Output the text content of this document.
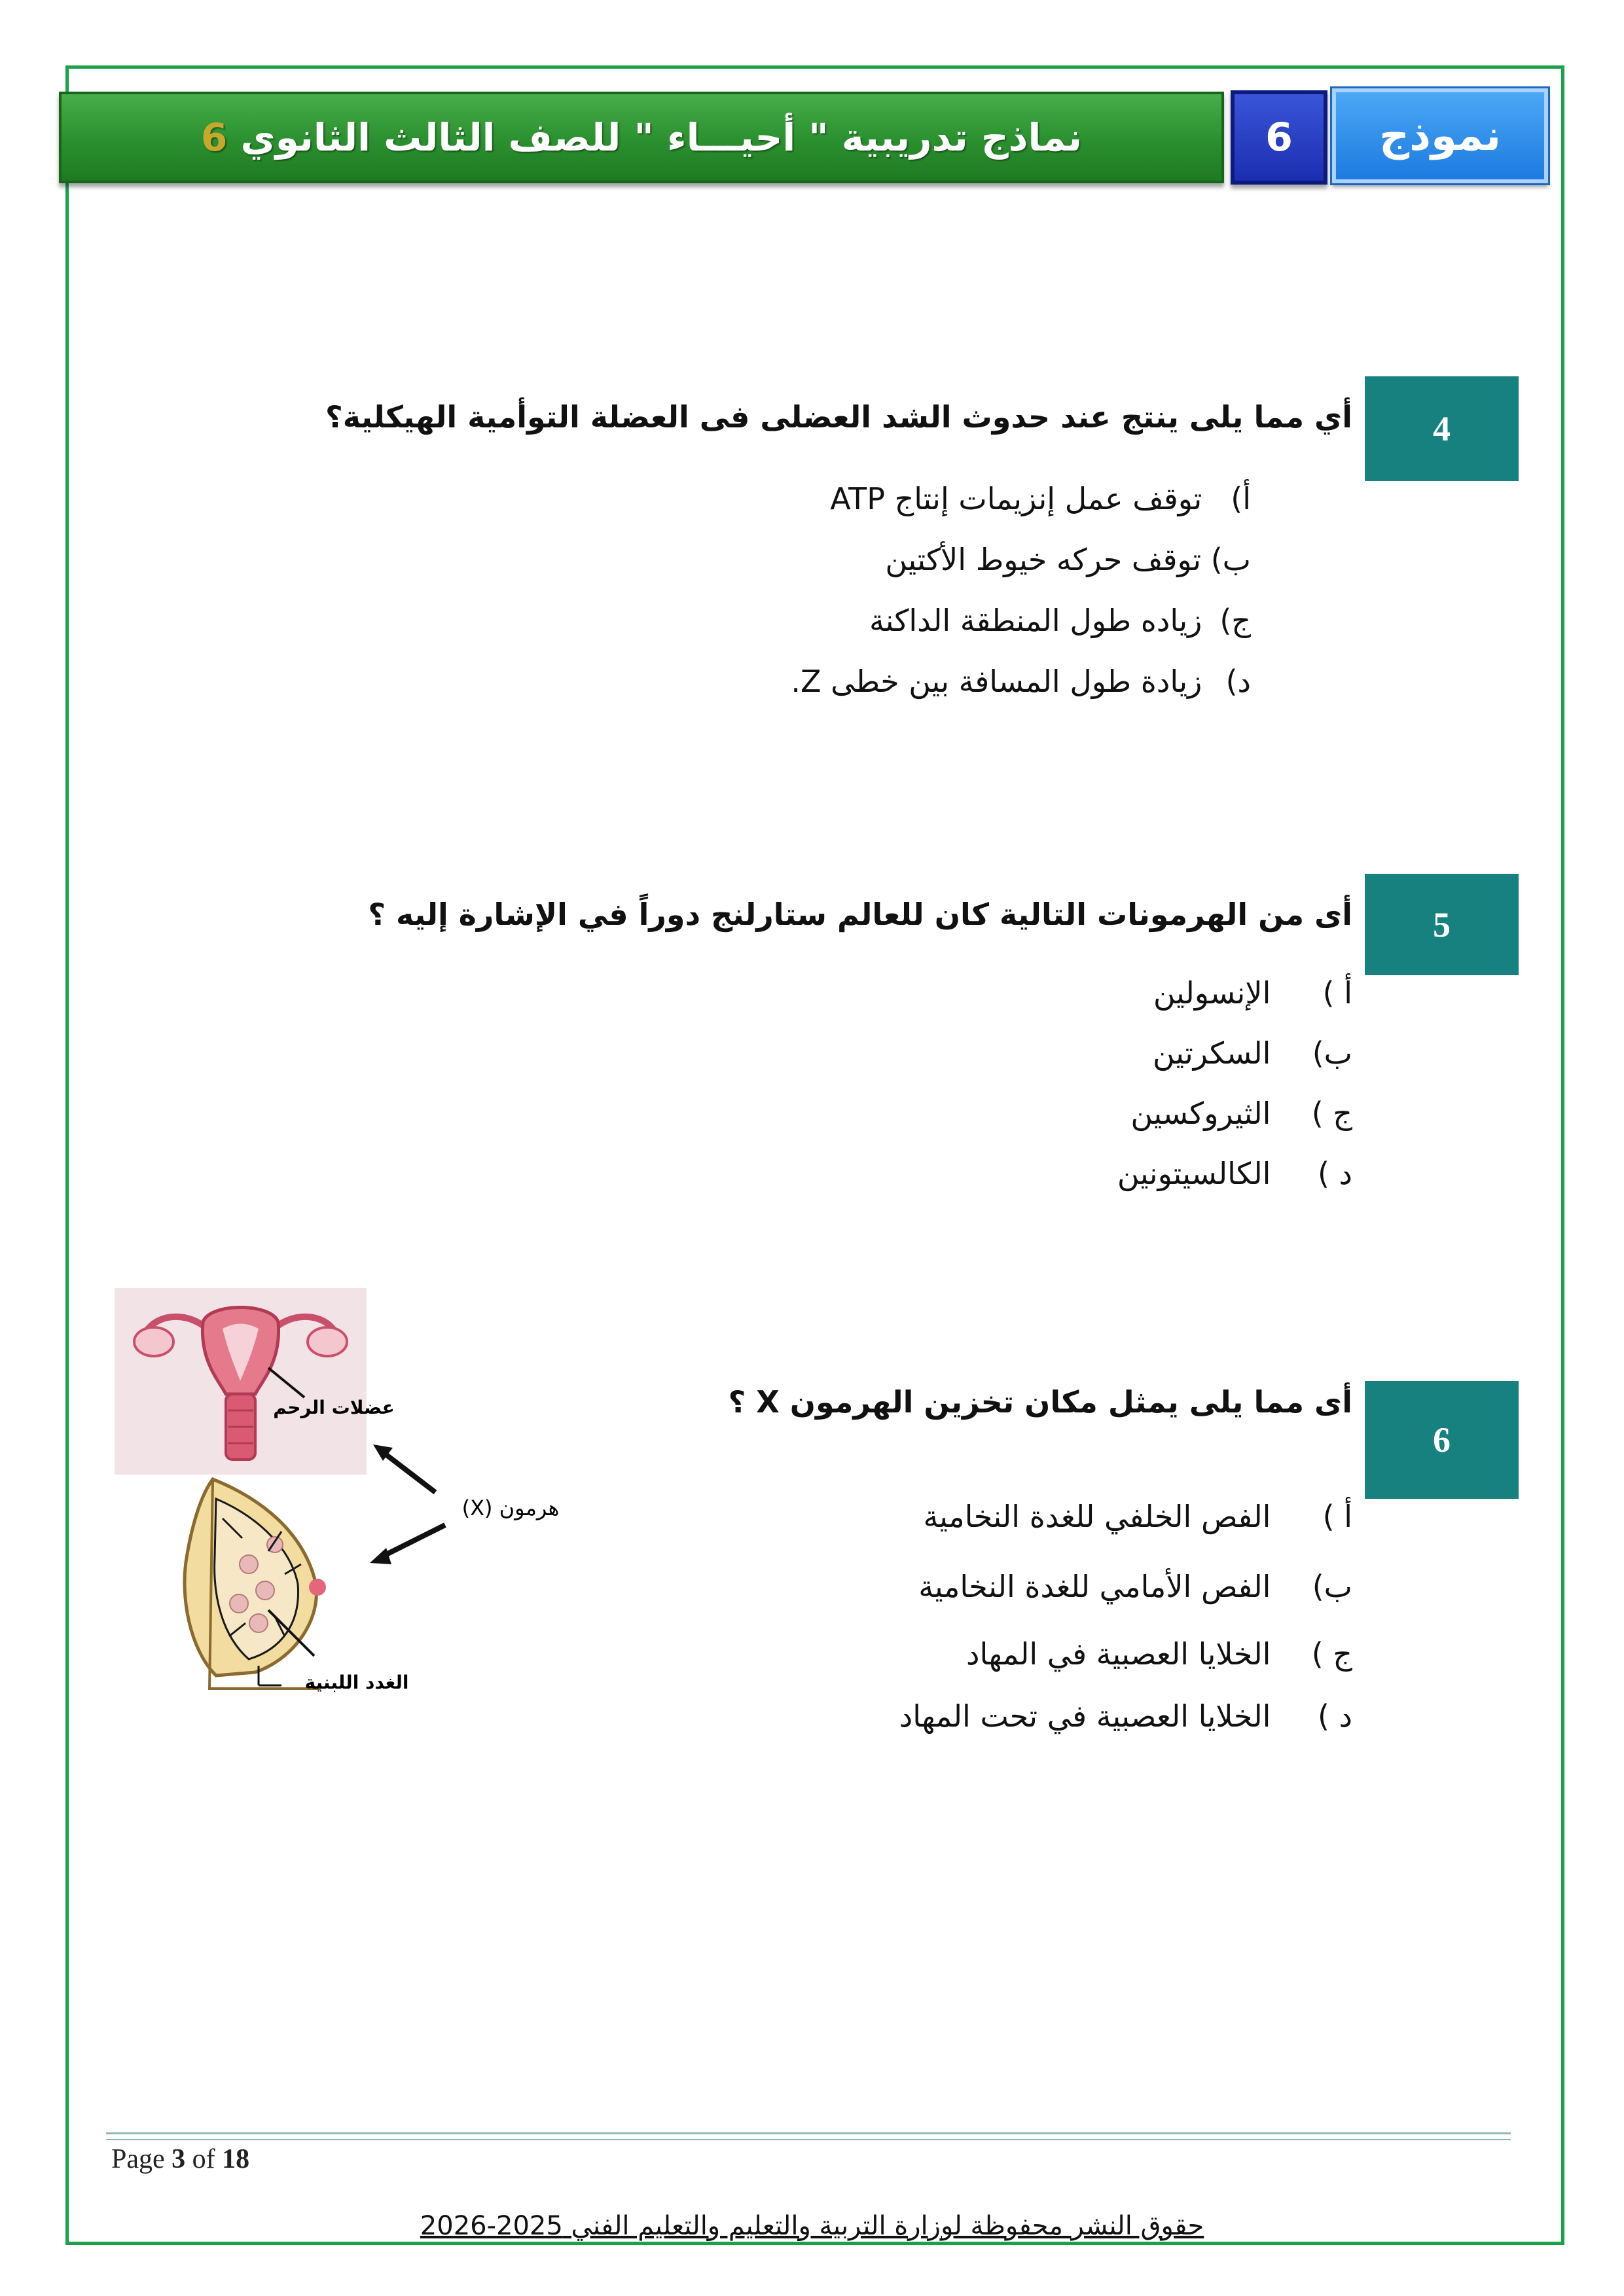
نماذج تدريبية " أحيـــاء " للصف الثالث الثانوي 6	6	نموذج
4
أي مما يلى ينتج عند حدوث الشد العضلى فى العضلة التوأمية الهيكلية؟
أ) توقف عمل إنزيمات إنتاج ATP
ب) توقف حركه خيوط الأكتين
ج) زياده طول المنطقة الداكنة
د) زيادة طول المسافة بين خطى Z.
5
أى من الهرمونات التالية كان للعالم ستارلنج دوراً في الإشارة إليه ؟
أ ) الإنسولين
ب) السكرتين
ج ) الثيروكسين
د ) الكالسيتونين
6
أى مما يلى يمثل مكان تخزين الهرمون X ؟
أ ) الفص الخلفي للغدة النخامية
ب) الفص الأمامي للغدة النخامية
ج ) الخلايا العصبية في المهاد
د ) الخلايا العصبية في تحت المهاد
عضلات الرحم
هرمون (X)
الغدد اللبنية
Page 3 of 18
حقوق النشر محفوظة لوزارة التربية والتعليم والتعليم الفني 2025-2026
